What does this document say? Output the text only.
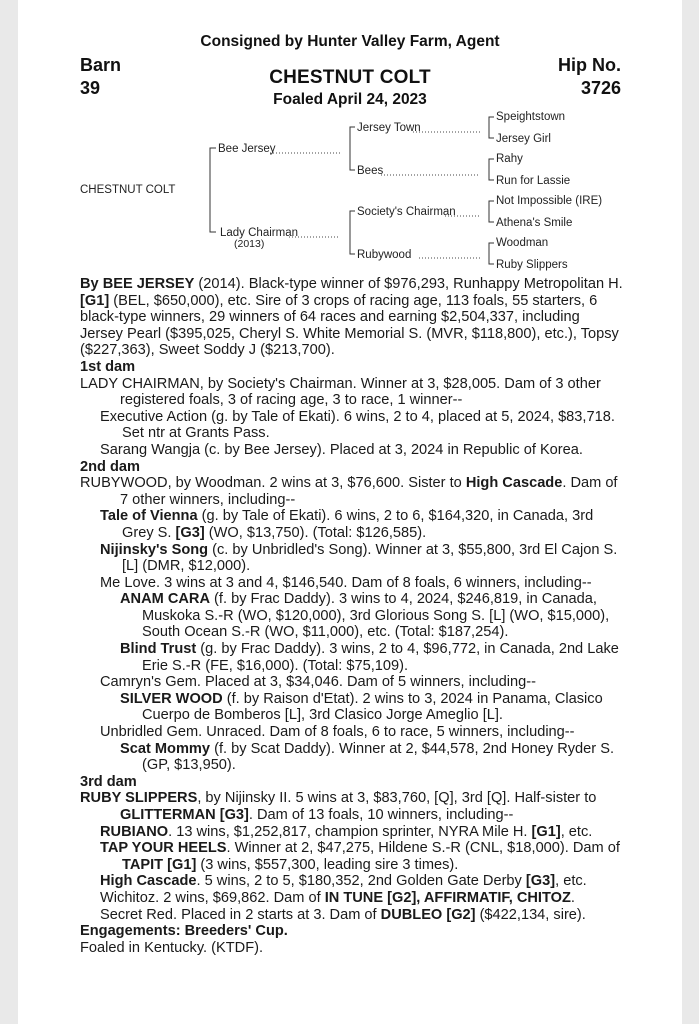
Consigned by Hunter Valley Farm, Agent
Barn
39
Hip No.
3726
CHESTNUT COLT
Foaled April 24, 2023
CHESTNUT COLT
Bee Jersey
Lady Chairman
(2013)
Jersey Town
Bees
Society's Chairman
Rubywood
Speightstown
Jersey Girl
Rahy
Run for Lassie
Not Impossible (IRE)
Athena's Smile
Woodman
Ruby Slippers

By BEE JERSEY (2014). Black-type winner of $976,293, Runhappy Metropolitan H. [G1] (BEL, $650,000), etc. Sire of 3 crops of racing age, 113 foals, 55 starters, 6 black-type winners, 29 winners of 64 races and earning $2,504,337, including Jersey Pearl ($395,025, Cheryl S. White Memorial S. (MVR, $118,800), etc.), Topsy ($227,363), Sweet Soddy J ($213,700).

1st dam

LADY CHAIRMAN, by Society's Chairman. Winner at 3, $28,005. Dam of 3 other registered foals, 3 of racing age, 3 to race, 1 winner--

Executive Action (g. by Tale of Ekati). 6 wins, 2 to 4, placed at 5, 2024, $83,718. Set ntr at Grants Pass.

Sarang Wangja (c. by Bee Jersey). Placed at 3, 2024 in Republic of Korea.

2nd dam

RUBYWOOD, by Woodman. 2 wins at 3, $76,600. Sister to High Cascade. Dam of 7 other winners, including--

Tale of Vienna (g. by Tale of Ekati). 6 wins, 2 to 6, $164,320, in Canada, 3rd Grey S. [G3] (WO, $13,750). (Total: $126,585).

Nijinsky's Song (c. by Unbridled's Song). Winner at 3, $55,800, 3rd El Cajon S. [L] (DMR, $12,000).

Me Love. 3 wins at 3 and 4, $146,540. Dam of 8 foals, 6 winners, including--

ANAM CARA (f. by Frac Daddy). 3 wins to 4, 2024, $246,819, in Canada, Muskoka S.-R (WO, $120,000), 3rd Glorious Song S. [L] (WO, $15,000), South Ocean S.-R (WO, $11,000), etc. (Total: $187,254).

Blind Trust (g. by Frac Daddy). 3 wins, 2 to 4, $96,772, in Canada, 2nd Lake Erie S.-R (FE, $16,000). (Total: $75,109).

Camryn's Gem. Placed at 3, $34,046. Dam of 5 winners, including--

SILVER WOOD (f. by Raison d'Etat). 2 wins to 3, 2024 in Panama, Clasico Cuerpo de Bomberos [L], 3rd Clasico Jorge Ameglio [L].

Unbridled Gem. Unraced. Dam of 8 foals, 6 to race, 5 winners, including--

Scat Mommy (f. by Scat Daddy). Winner at 2, $44,578, 2nd Honey Ryder S. (GP, $13,950).

3rd dam

RUBY SLIPPERS, by Nijinsky II. 5 wins at 3, $83,760, [Q], 3rd [Q]. Half-sister to GLITTERMAN [G3]. Dam of 13 foals, 10 winners, including--

RUBIANO. 13 wins, $1,252,817, champion sprinter, NYRA Mile H. [G1], etc.

TAP YOUR HEELS. Winner at 2, $47,275, Hildene S.-R (CNL, $18,000). Dam of TAPIT [G1] (3 wins, $557,300, leading sire 3 times).

High Cascade. 5 wins, 2 to 5, $180,352, 2nd Golden Gate Derby [G3], etc.

Wichitoz. 2 wins, $69,862. Dam of IN TUNE [G2], AFFIRMATIF, CHITOZ.

Secret Red. Placed in 2 starts at 3. Dam of DUBLEO [G2] ($422,134, sire).

Engagements: Breeders' Cup.

Foaled in Kentucky. (KTDF).
